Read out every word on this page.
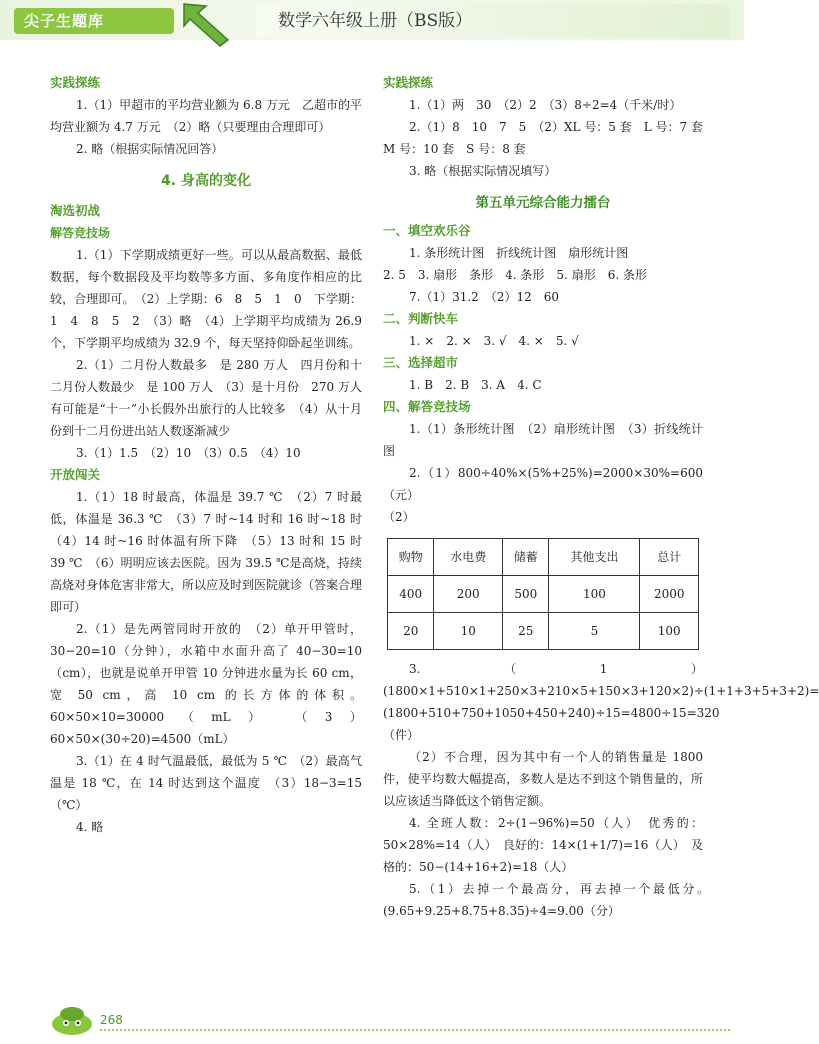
尖子生题库	数学六年级上册（BS版）
实践探练

1.（1）甲超市的平均营业额为 6.8 万元　乙超市的平均营业额为 4.7 万元　（2）略（只要理由合理即可）

2. 略（根据实际情况回答）

4. 身高的变化
淘选初战
解答竞技场

1.（1）下学期成绩更好一些。可以从最高数据、最低数据，每个数据段及平均数等多方面、多角度作相应的比较，合理即可。　（2）上学期：6　8　5　1　0　下学期：1　4　8　5　2　（3）略　（4）上学期平均成绩为 26.9 个，下学期平均成绩为 32.9 个，每天坚持仰卧起坐训练。

2.（1）二月份人数最多　是 280 万人　四月份和十二月份人数最少　是 100 万人　（3）是十月份　270 万人　有可能是“十一”小长假外出旅行的人比较多　（4）从十月份到十二月份进出站人数逐渐减少

3.（1）1.5　（2）10　（3）0.5　（4）10

开放闯关

1.（1）18 时最高，体温是 39.7 ℃　（2）7 时最低，体温是 36.3 ℃　（3）7 时~14 时和 16 时~18 时　（4）14 时~16 时体温有所下降　（5）13 时和 15 时　39 ℃　（6）明明应该去医院。因为 39.5 ℃是高烧，持续高烧对身体危害非常大，所以应及时到医院就诊（答案合理即可）

2.（1）是先两管同时开放的　（2）单开甲管时，30−20=10（分钟），水箱中水面升高了 40−30=10（cm），也就是说单开甲管 10 分钟进水量为长 60 cm，宽 50 cm，高 10 cm 的长方体的体积。60×50×10=30000（mL）　（3）60×50×(30÷20)=4500（mL）

3.（1）在 4 时气温最低，最低为 5 ℃　（2）最高气温是 18 ℃，在 14 时达到这个温度　（3）18−3=15（℃）

4. 略

实践探练

1.（1）两　30　（2）2　（3）8÷2=4（千米/时）

2.（1）8　10　7　5　（2）XL 号：5 套　L 号：7 套　M 号：10 套　S 号：8 套

3. 略（根据实际情况填写）

第五单元综合能力擂台
一、填空欢乐谷

1. 条形统计图　折线统计图　扇形统计图

2. 5　3. 扇形　条形　4. 条形　5. 扇形　6. 条形

7.（1）31.2　（2）12　60

二、判断快车

1. ×　2. ×　3. √　4. ×　5. √

三、选择超市

1. B　2. B　3. A　4. C

四、解答竞技场

1.（1）条形统计图　（2）扇形统计图　（3）折线统计图

2.（1）800÷40%×(5%+25%)=2000×30%=600（元）

（2）

购物	水电费	储蓄	其他支出	总计
400	200	500	100	2000
20	10	25	5	100

3.（1）(1800×1+510×1+250×3+210×5+150×3+120×2)÷(1+1+3+5+3+2)=(1800+510+750+1050+450+240)÷15=4800÷15=320（件）

（2）不合理，因为其中有一个人的销售量是 1800 件，使平均数大幅提高，多数人是达不到这个销售量的，所以应该适当降低这个销售定额。

4. 全班人数：2÷(1−96%)=50（人）　优秀的：50×28%=14（人）　良好的：14×(1+1/7)=16（人）　及格的：50−(14+16+2)=18（人）

5.（1）去掉一个最高分，再去掉一个最低分。　(9.65+9.25+8.75+8.35)÷4=9.00（分）

268
